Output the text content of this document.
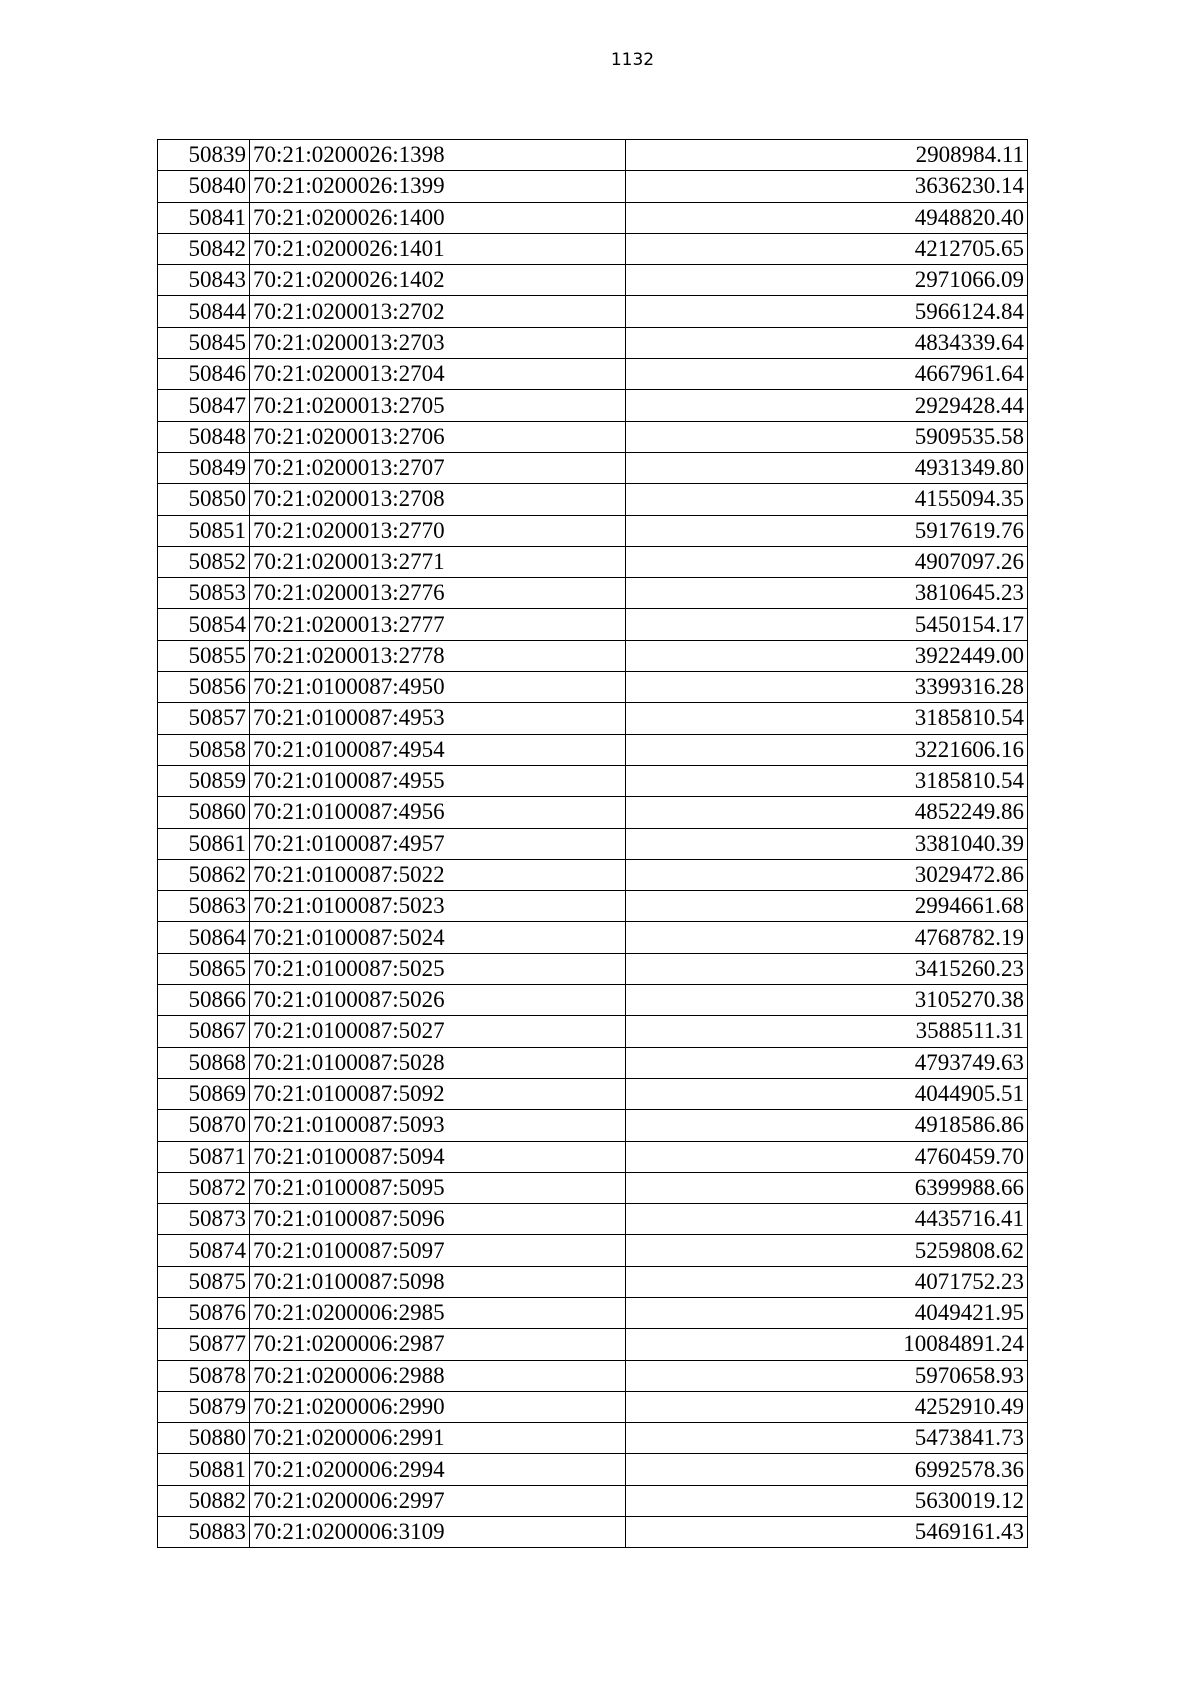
1132
50839	70:21:0200026:1398	2908984.11
50840	70:21:0200026:1399	3636230.14
50841	70:21:0200026:1400	4948820.40
50842	70:21:0200026:1401	4212705.65
50843	70:21:0200026:1402	2971066.09
50844	70:21:0200013:2702	5966124.84
50845	70:21:0200013:2703	4834339.64
50846	70:21:0200013:2704	4667961.64
50847	70:21:0200013:2705	2929428.44
50848	70:21:0200013:2706	5909535.58
50849	70:21:0200013:2707	4931349.80
50850	70:21:0200013:2708	4155094.35
50851	70:21:0200013:2770	5917619.76
50852	70:21:0200013:2771	4907097.26
50853	70:21:0200013:2776	3810645.23
50854	70:21:0200013:2777	5450154.17
50855	70:21:0200013:2778	3922449.00
50856	70:21:0100087:4950	3399316.28
50857	70:21:0100087:4953	3185810.54
50858	70:21:0100087:4954	3221606.16
50859	70:21:0100087:4955	3185810.54
50860	70:21:0100087:4956	4852249.86
50861	70:21:0100087:4957	3381040.39
50862	70:21:0100087:5022	3029472.86
50863	70:21:0100087:5023	2994661.68
50864	70:21:0100087:5024	4768782.19
50865	70:21:0100087:5025	3415260.23
50866	70:21:0100087:5026	3105270.38
50867	70:21:0100087:5027	3588511.31
50868	70:21:0100087:5028	4793749.63
50869	70:21:0100087:5092	4044905.51
50870	70:21:0100087:5093	4918586.86
50871	70:21:0100087:5094	4760459.70
50872	70:21:0100087:5095	6399988.66
50873	70:21:0100087:5096	4435716.41
50874	70:21:0100087:5097	5259808.62
50875	70:21:0100087:5098	4071752.23
50876	70:21:0200006:2985	4049421.95
50877	70:21:0200006:2987	10084891.24
50878	70:21:0200006:2988	5970658.93
50879	70:21:0200006:2990	4252910.49
50880	70:21:0200006:2991	5473841.73
50881	70:21:0200006:2994	6992578.36
50882	70:21:0200006:2997	5630019.12
50883	70:21:0200006:3109	5469161.43
